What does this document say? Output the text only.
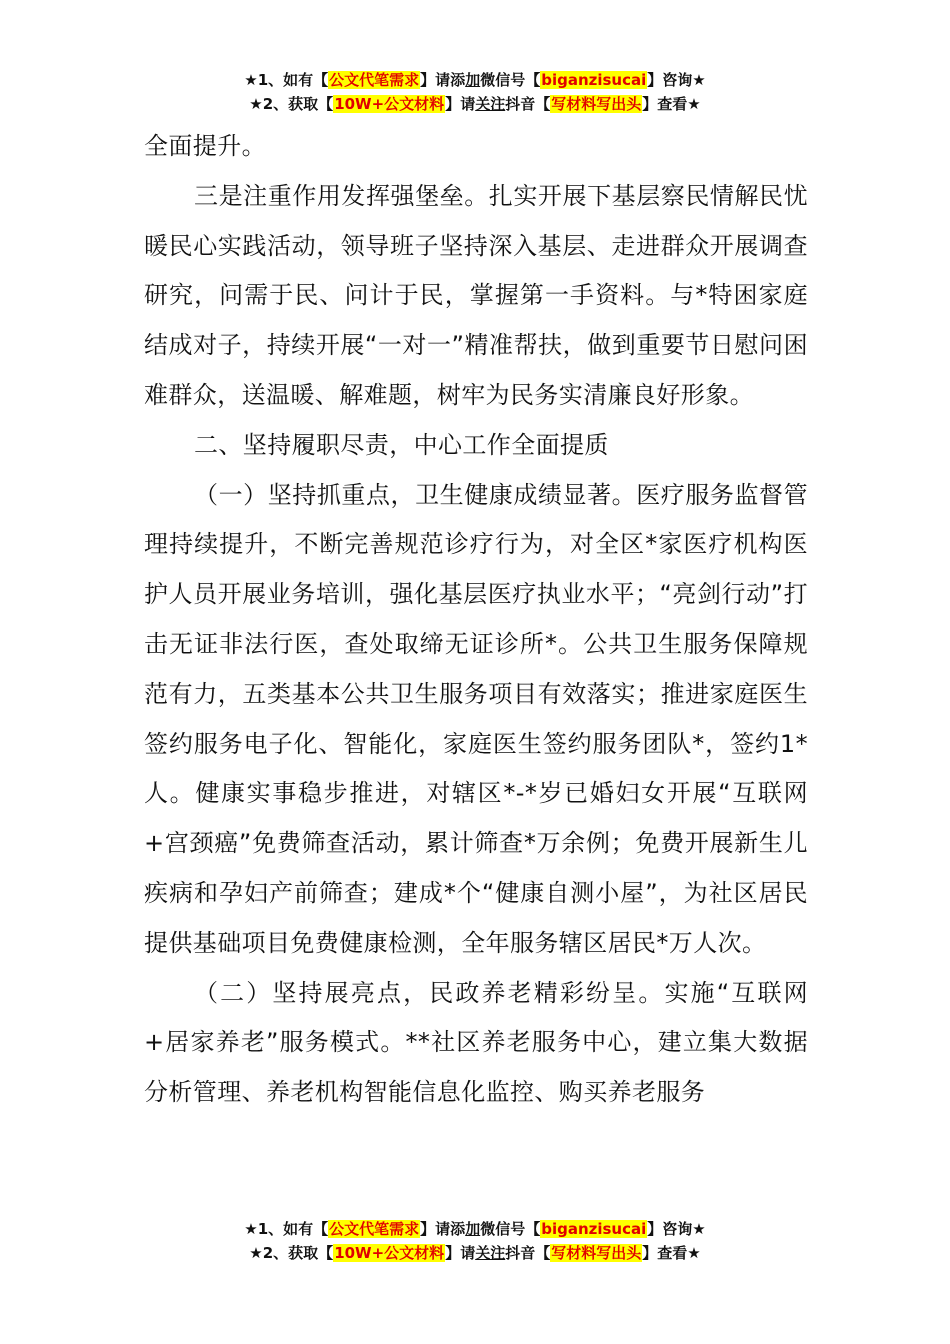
★1、如有【公文代笔需求】请添加微信号【biganzisucai】咨询★
★2、获取【10W+公文材料】请关注抖音【写材料写出头】查看★

全面提升。

三是注重作用发挥强堡垒。扎实开展下基层察民情解民忧暖民心实践活动，领导班子坚持深入基层、走进群众开展调查研究，问需于民、问计于民，掌握第一手资料。与*特困家庭结成对子，持续开展“一对一”精准帮扶，做到重要节日慰问困难群众，送温暖、解难题，树牢为民务实清廉良好形象。

二、坚持履职尽责，中心工作全面提质

（一）坚持抓重点，卫生健康成绩显著。医疗服务监督管理持续提升，不断完善规范诊疗行为，对全区*家医疗机构医护人员开展业务培训，强化基层医疗执业水平；“亮剑行动”打击无证非法行医，查处取缔无证诊所*。公共卫生服务保障规范有力，五类基本公共卫生服务项目有效落实；推进家庭医生签约服务电子化、智能化，家庭医生签约服务团队*，签约1*人。健康实事稳步推进，对辖区*-*岁已婚妇女开展“互联网+宫颈癌”免费筛查活动，累计筛查*万余例；免费开展新生儿疾病和孕妇产前筛查；建成*个“健康自测小屋”，为社区居民提供基础项目免费健康检测，全年服务辖区居民*万人次。

（二）坚持展亮点，民政养老精彩纷呈。实施“互联网+居家养老”服务模式。**社区养老服务中心，建立集大数据分析管理、养老机构智能信息化监控、购买养老服务

★1、如有【公文代笔需求】请添加微信号【biganzisucai】咨询★
★2、获取【10W+公文材料】请关注抖音【写材料写出头】查看★
